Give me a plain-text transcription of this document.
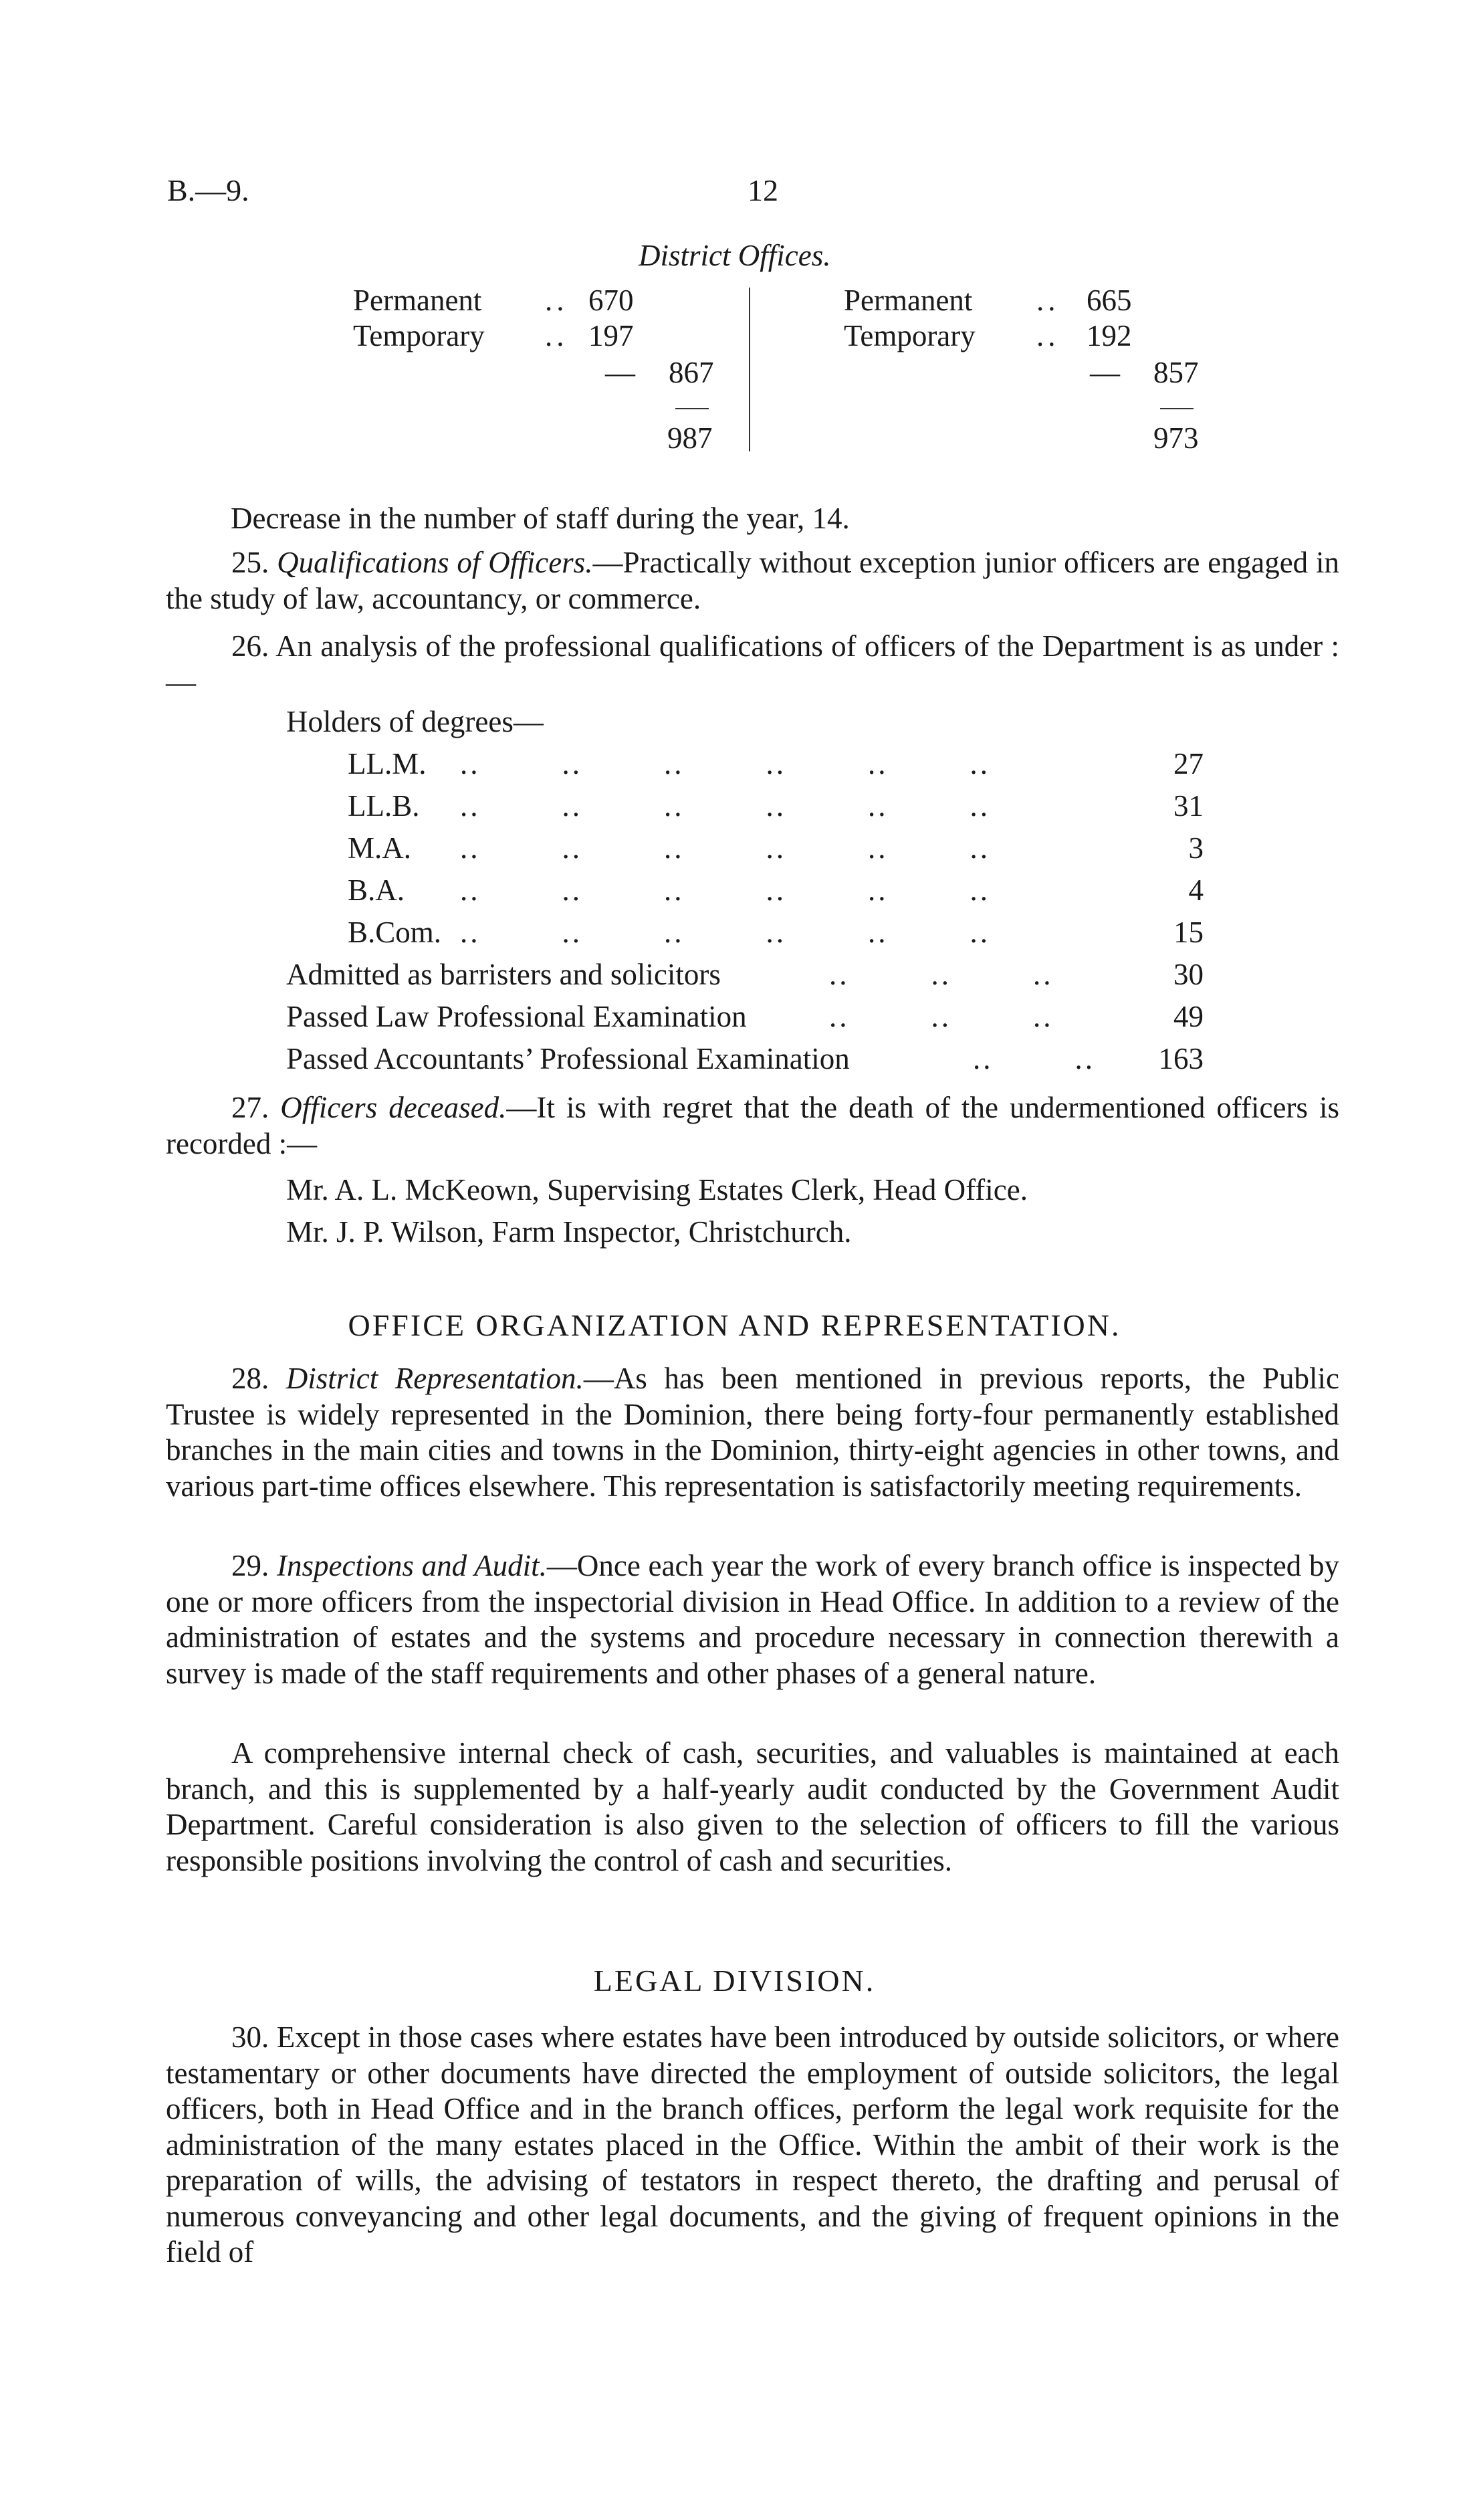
B.—9.	12
District Offices.
Permanent .. 670
Temporary .. 197
— 867
987
Permanent .. 665
Temporary .. 192
— 857
973
Decrease in the number of staff during the year, 14.
25. Qualifications of Officers.—Practically without exception junior officers are engaged in the study of law, accountancy, or commerce.
26. An analysis of the professional qualifications of officers of the Department is as under :—
Holders of degrees—
LL.M. ..        ..        ..        ..        ..        ..	27
LL.B. ..        ..        ..        ..        ..        ..	31
M.A. ..        ..        ..        ..        ..        ..	3
B.A. ..        ..        ..        ..        ..        ..	4
B.Com. ..        ..        ..        ..        ..        ..	15
Admitted as barristers and solicitors	..        ..        ..	30
Passed Law Professional Examination	..        ..        ..	49
Passed Accountants’ Professional Examination	..        ..	163
27. Officers deceased.—It is with regret that the death of the undermentioned officers is recorded :—
Mr. A. L. McKeown, Supervising Estates Clerk, Head Office.
Mr. J. P. Wilson, Farm Inspector, Christchurch.
OFFICE ORGANIZATION AND REPRESENTATION.
28. District Representation.—As has been mentioned in previous reports, the Public Trustee is widely represented in the Dominion, there being forty-four permanently established branches in the main cities and towns in the Dominion, thirty-eight agencies in other towns, and various part-time offices elsewhere. This representation is satisfactorily meeting requirements.
29. Inspections and Audit.—Once each year the work of every branch office is inspected by one or more officers from the inspectorial division in Head Office. In addition to a review of the administration of estates and the systems and procedure necessary in connection therewith a survey is made of the staff requirements and other phases of a general nature.
A comprehensive internal check of cash, securities, and valuables is maintained at each branch, and this is supplemented by a half-yearly audit conducted by the Government Audit Department. Careful consideration is also given to the selection of officers to fill the various responsible positions involving the control of cash and securities.
LEGAL DIVISION.
30. Except in those cases where estates have been introduced by outside solicitors, or where testamentary or other documents have directed the employment of outside solicitors, the legal officers, both in Head Office and in the branch offices, perform the legal work requisite for the administration of the many estates placed in the Office. Within the ambit of their work is the preparation of wills, the advising of testators in respect thereto, the drafting and perusal of numerous conveyancing and other legal documents, and the giving of frequent opinions in the field of
